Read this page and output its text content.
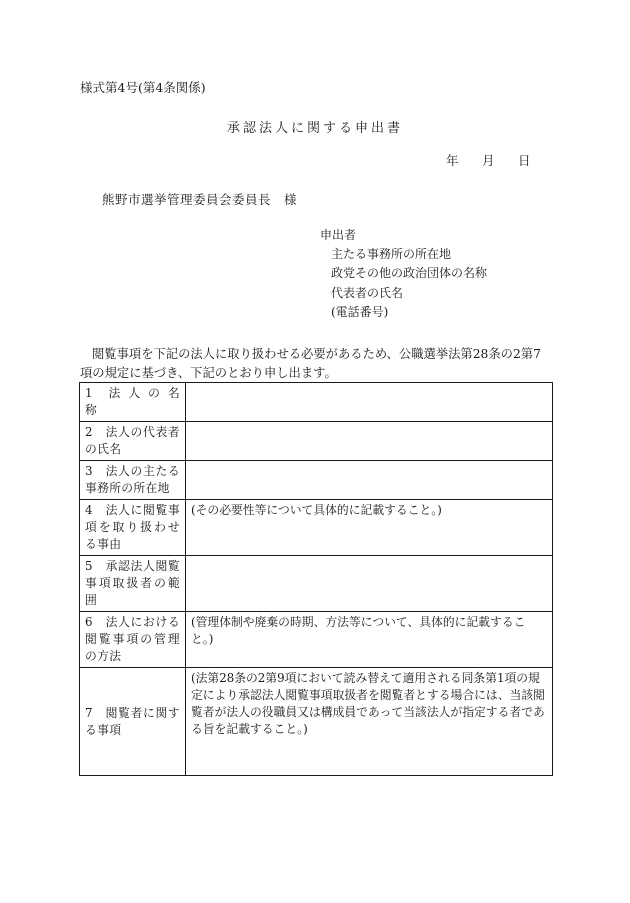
様式第4号(第4条関係)
承認法人に関する申出書
年 月 日
熊野市選挙管理委員会委員長　様
申出者
主たる事務所の所在地
政党その他の政治団体の名称
代表者の氏名
(電話番号)
閲覧事項を下記の法人に取り扱わせる必要があるため、公職選挙法第28条の2第7項の規定に基づき、下記のとおり申し出ます。
1　法 人 の 名 称	
2　法人の代表者の氏名	
3　法人の主たる事務所の所在地	
4　法人に閲覧事項を取り扱わせる事由	(その必要性等について具体的に記載すること。)
5　承認法人閲覧事項取扱者の範囲	
6　法人における閲覧事項の管理の方法	(管理体制や廃棄の時期、方法等について、具体的に記載すること。)
7　閲覧者に関する事項	(法第28条の2第9項において読み替えて適用される同条第1項の規定により承認法人閲覧事項取扱者を閲覧者とする場合には、当該閲覧者が法人の役職員又は構成員であって当該法人が指定する者である旨を記載すること。)
